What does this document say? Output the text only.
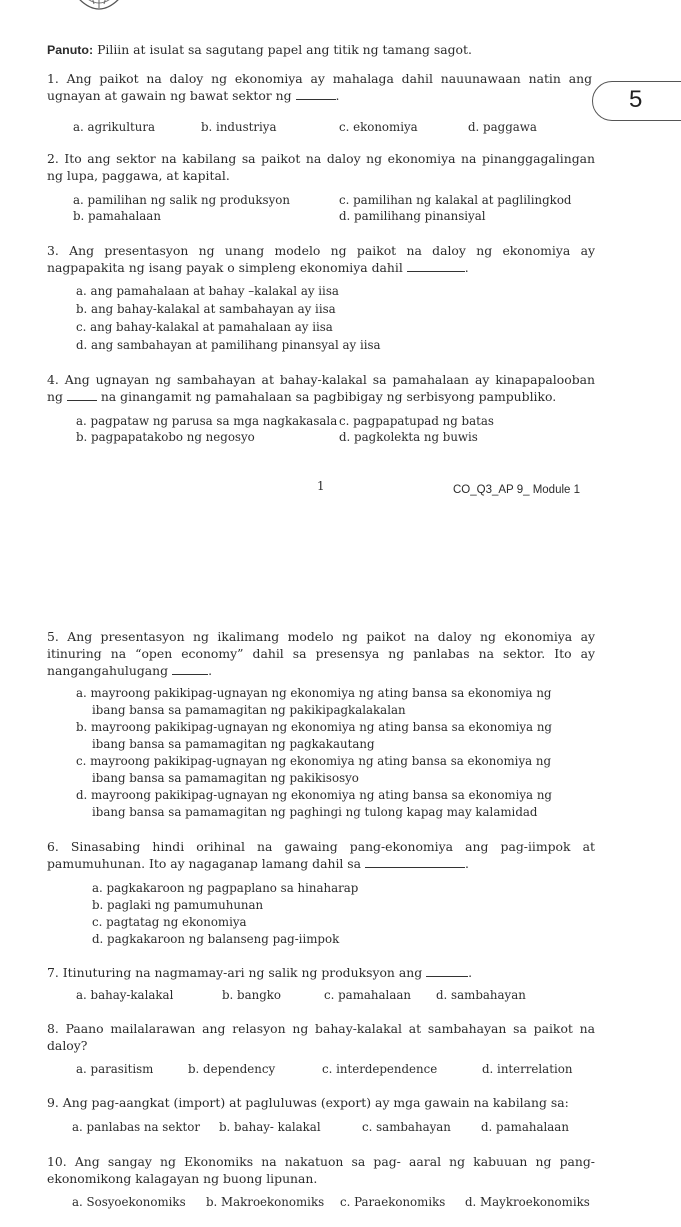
Panuto: Piliin at isulat sa sagutang papel ang titik ng tamang sagot.
5
1. Ang paikot na daloy ng ekonomiya ay mahalaga dahil nauunawaan natin ang
ugnayan at gawain ng bawat sektor ng	.
a. agrikultura	b. industriya	c. ekonomiya	d. paggawa
2. Ito ang sektor na kabilang sa paikot na daloy ng ekonomiya na pinanggagalingan
ng lupa, paggawa, at kapital.
a. pamilihan ng salik ng produksyon	c. pamilihan ng kalakal at paglilingkod
b. pamahalaan	d. pamilihang pinansiyal
3. Ang presentasyon ng unang modelo ng paikot na daloy ng ekonomiya ay
nagpapakita ng isang payak o simpleng ekonomiya dahil	.
a. ang pamahalaan at bahay –kalakal ay iisa
b. ang bahay-kalakal at sambahayan ay iisa
c. ang bahay-kalakal at pamahalaan ay iisa
d. ang sambahayan at pamilihang pinansyal ay iisa
4. Ang ugnayan ng sambahayan at bahay-kalakal sa pamahalaan ay kinapapalooban
ng	na ginangamit ng pamahalaan sa pagbibigay ng serbisyong pampubliko.
a. pagpataw ng parusa sa mga nagkakasala c. pagpapatupad ng batas
b. pagpapatakobo ng negosyo	d. pagkolekta ng buwis
1	CO_Q3_AP 9_ Module 1
5. Ang presentasyon ng ikalimang modelo ng paikot na daloy ng ekonomiya ay
itinuring na “open economy” dahil sa presensya ng panlabas na sektor. Ito ay
nangangahulugang	.
a. mayroong pakikipag-ugnayan ng ekonomiya ng ating bansa sa ekonomiya ng
ibang bansa sa pamamagitan ng pakikipagkalakalan
b. mayroong pakikipag-ugnayan ng ekonomiya ng ating bansa sa ekonomiya ng
ibang bansa sa pamamagitan ng pagkakautang
c. mayroong pakikipag-ugnayan ng ekonomiya ng ating bansa sa ekonomiya ng
ibang bansa sa pamamagitan ng pakikisosyo
d. mayroong pakikipag-ugnayan ng ekonomiya ng ating bansa sa ekonomiya ng
ibang bansa sa pamamagitan ng paghingi ng tulong kapag may kalamidad
6. Sinasabing hindi orihinal na gawaing pang-ekonomiya ang pag-iimpok at
pamumuhunan. Ito ay nagaganap lamang dahil sa	.
a. pagkakaroon ng pagpaplano sa hinaharap
b. paglaki ng pamumuhunan
c. pagtatag ng ekonomiya
d. pagkakaroon ng balanseng pag-iimpok
7. Itinuturing na nagmamay-ari ng salik ng produksyon ang	.
a. bahay-kalakal	b. bangko	c. pamahalaan d. sambahayan
8. Paano mailalarawan ang relasyon ng bahay-kalakal at sambahayan sa paikot na
daloy?
a. parasitism	b. dependency	c. interdependence	d. interrelation
9. Ang pag-aangkat (import) at pagluluwas (export) ay mga gawain na kabilang sa:
a. panlabas na sektor b. bahay- kalakal	c. sambahayan	d. pamahalaan
10. Ang sangay ng Ekonomiks na nakatuon sa pag- aaral ng kabuuan ng pang-
ekonomikong kalagayan ng buong lipunan.
a. Sosyoekonomiks b. Makroekonomiks c. Paraekonomiks d. Maykroekonomiks
